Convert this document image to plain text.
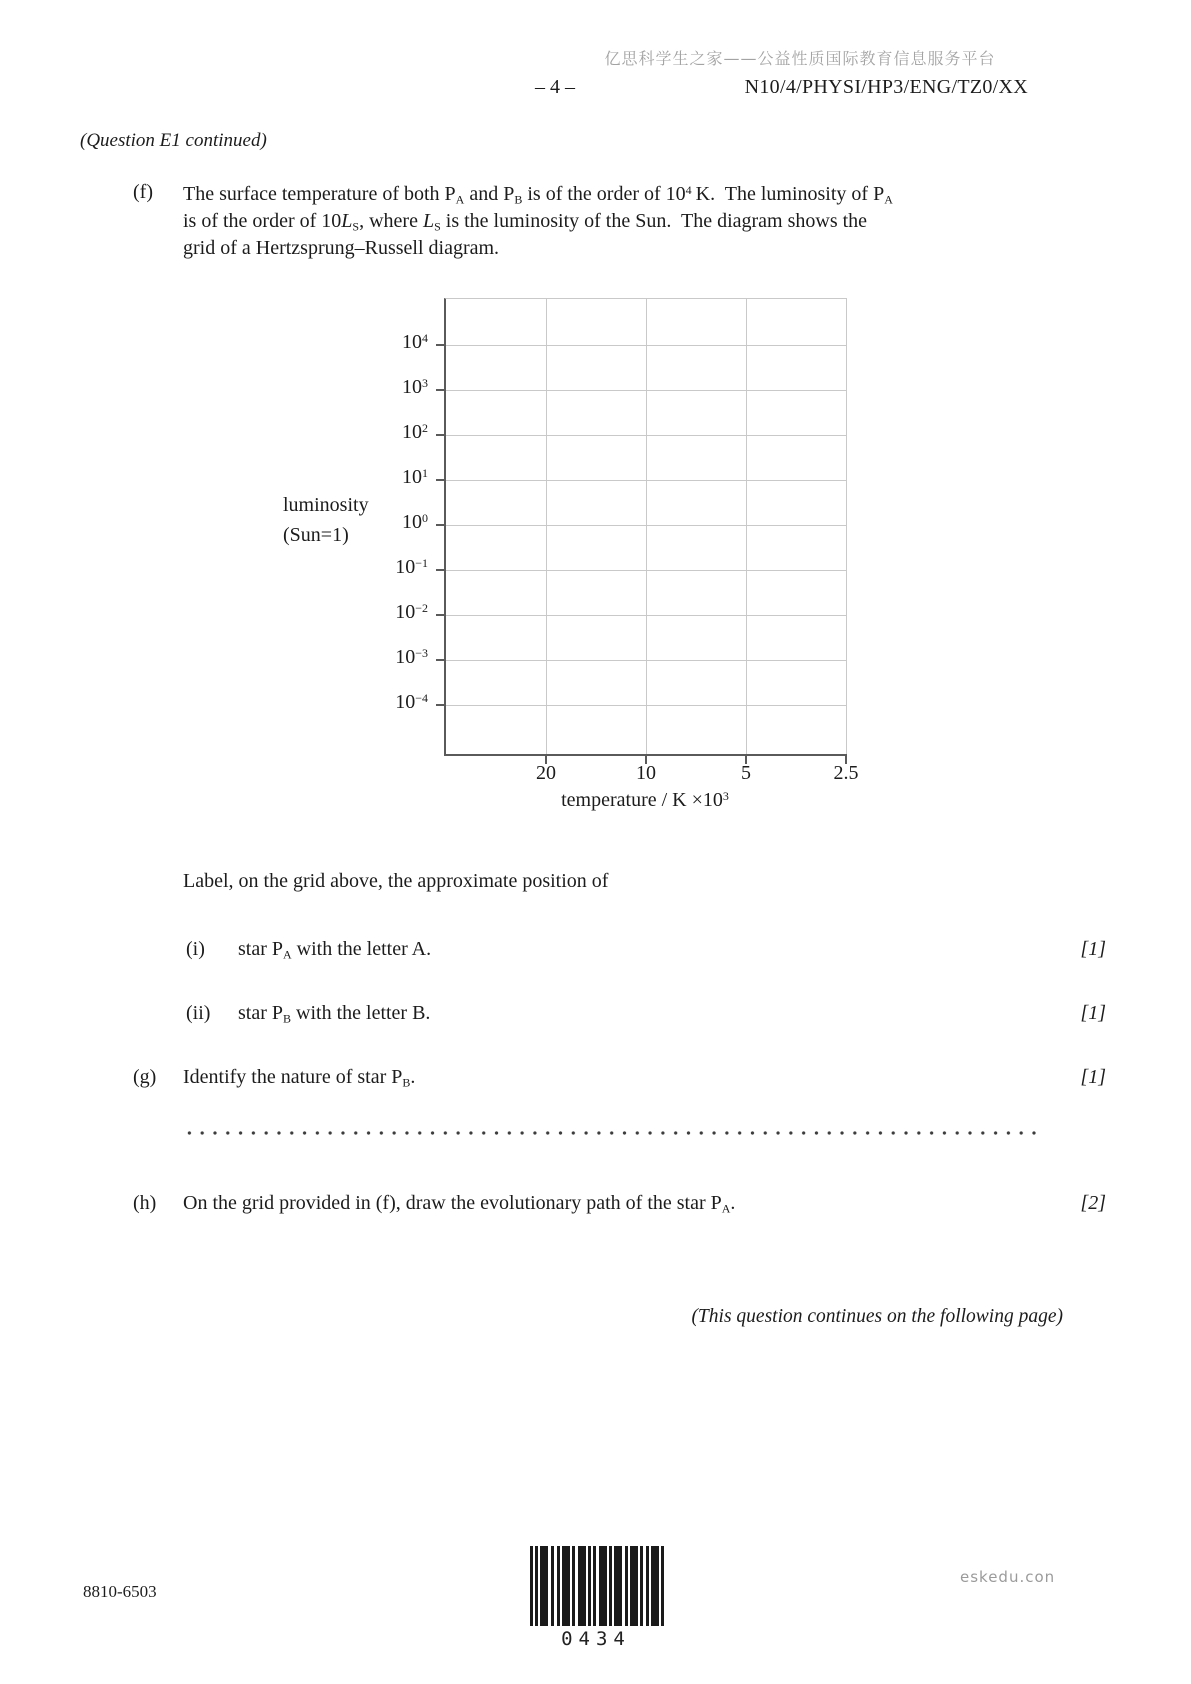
亿思科学生之家——公益性质国际教育信息服务平台
– 4 –	N10/4/PHYSI/HP3/ENG/TZ0/XX
(Question E1 continued)
(f) The surface temperature of both $P_A$ and $P_B$ is of the order of $10^4$ K.  The luminosity of $P_A$
is of the order of $10L_S$, where $L_S$ is the luminosity of the Sun.  The diagram shows the
grid of a Hertzsprung–Russell diagram.
$10^4$
$10^3$
$10^2$
$10^1$
$10^0$
$10^{-1}$
$10^{-2}$
$10^{-3}$
$10^{-4}$
20	10	5	2.5
luminosity
(Sun=1)
temperature / $K \times 10^3$
Label, on the grid above, the approximate position of
(i) star $P_A$ with the letter A.	[1]
(ii) star $P_B$ with the letter B.	[1]
(g) Identify the nature of star $P_B$.	[1]
(h) On the grid provided in (f), draw the evolutionary path of the star $P_A$.	[2]
(This question continues on the following page)
8810-6503
0434
eskedu.con
